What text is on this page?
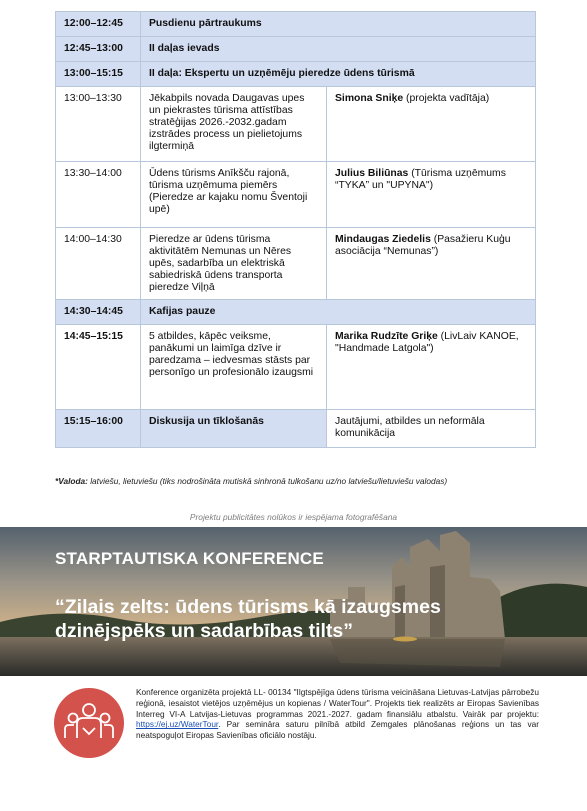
12:00–12:45	Pusdienu pārtraukums	
12:45–13:00	II daļas ievads	
13:00–15:15	II daļa: Ekspertu un uzņēmēju pieredze ūdens tūrismā	
13:00–13:30	Jēkabpils novada Daugavas upes un piekrastes tūrisma attīstības stratēģijas 2026.-2032.gadam izstrādes process un pielietojums ilgtermiņā	Simona Sniķe (projekta vadītāja)
13:30–14:00	Ūdens tūrisms Anīkšču rajonā, tūrisma uzņēmuma piemērs (Pieredze ar kajaku nomu Šventoji upē)	Julius Biliūnas (Tūrisma uzņēmums “TYKA” un "UPYNA")
14:00–14:30	Pieredze ar ūdens tūrisma aktivitātēm Nemunas un Nēres upēs, sadarbība un elektriskā sabiedriskā ūdens transporta pieredze Viļņā	Mindaugas Ziedelis (Pasažieru Kuģu asociācija “Nemunas”)
14:30–14:45	Kafijas pauze	
14:45–15:15	5 atbildes, kāpēc veiksme, panākumi un laimīga dzīve ir paredzama – iedvesmas stāsts par personīgo un profesionālo izaugsmi	Marika Rudzīte Griķe (LivLaiv KANOE, "Handmade Latgola")
15:15–16:00	Diskusija un tīklošanās	Jautājumi, atbildes un neformāla komunikācija
*Valoda: latviešu, lietuviešu (tiks nodrošināta mutiskā sinhronā tulkošanu uz/no latviešu/lietuviešu valodas)
Projektu publicitātes nolūkos ir iespējama fotografēšana
STARPTAUTISKA KONFERENCE
“Zilais zelts: ūdens tūrisms kā izaugsmes dzinējspēks un sadarbības tilts”
Konference organizēta projektā LL- 00134 "Ilgtspējīga ūdens tūrisma veicināšana Lietuvas-Latvijas pārrobežu reģionā, iesaistot vietējos uzņēmējus un kopienas / WaterTour". Projekts tiek realizēts ar Eiropas Savienības Interreg VI-A Latvijas-Lietuvas programmas 2021.-2027. gadam finansiālu atbalstu. Vairāk par projektu: https://ej.uz/WaterTour. Par semināra saturu pilnībā atbild Zemgales plānošanas reģions un tas var neatspoguļot Eiropas Savienības oficiālo nostāju.
